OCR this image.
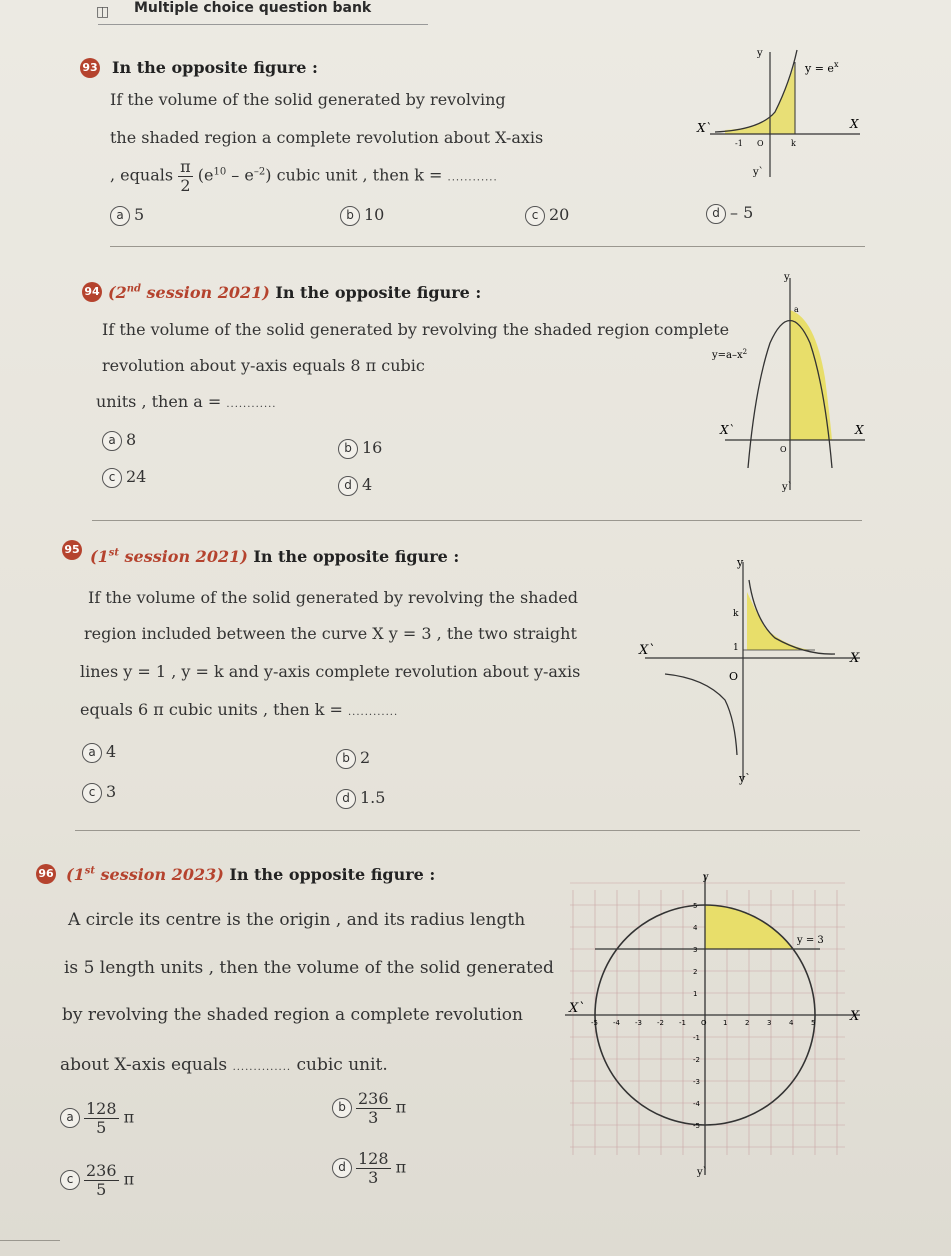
◫ Multiple choice question bank
93 In the opposite figure :
If the volume of the solid generated by revolving
the shaded region a complete revolution about X-axis
, equals $\frac{\pi}{2} (e^{10} - e^{-2})$ cubic unit , then k = ............
a 5	b 10	c 20	d – 5
$y = e^x$
X
X`
y
y`
-1 O	k
94 (2nd session 2021) In the opposite figure :
If the volume of the solid generated by revolving the shaded region complete
revolution about y-axis equals 8 π cubic
units , then a = ............
a 8	b 16
c 24	d 4
$y=a-x^2$
a
X
X`
y
y`
O
95 (1st session 2021) In the opposite figure :
If the volume of the solid generated by revolving the shaded
region included between the curve X y = 3 , the two straight
lines y = 1 , y = k and y-axis complete revolution about y-axis
equals 6 π cubic units , then k = ............
a 4	b 2
c 3	d 1.5
k
1
O
X
X`
y
y`
96 (1st session 2023) In the opposite figure :
A circle its centre is the origin , and its radius length
is 5 length units , then the volume of the solid generated
by revolving the shaded region a complete revolution
about X-axis equals .............. cubic unit.
a $\frac{128}{5}$ π
b $\frac{236}{3}$ π
c $\frac{236}{5}$ π
d $\frac{128}{3}$ π
y = 3
X
X`
y
y`
-5 -4 -3 -2 -1 O 1	2	3	4	5
5
4
3
2
1
-1
-2
-3
-4
-5
